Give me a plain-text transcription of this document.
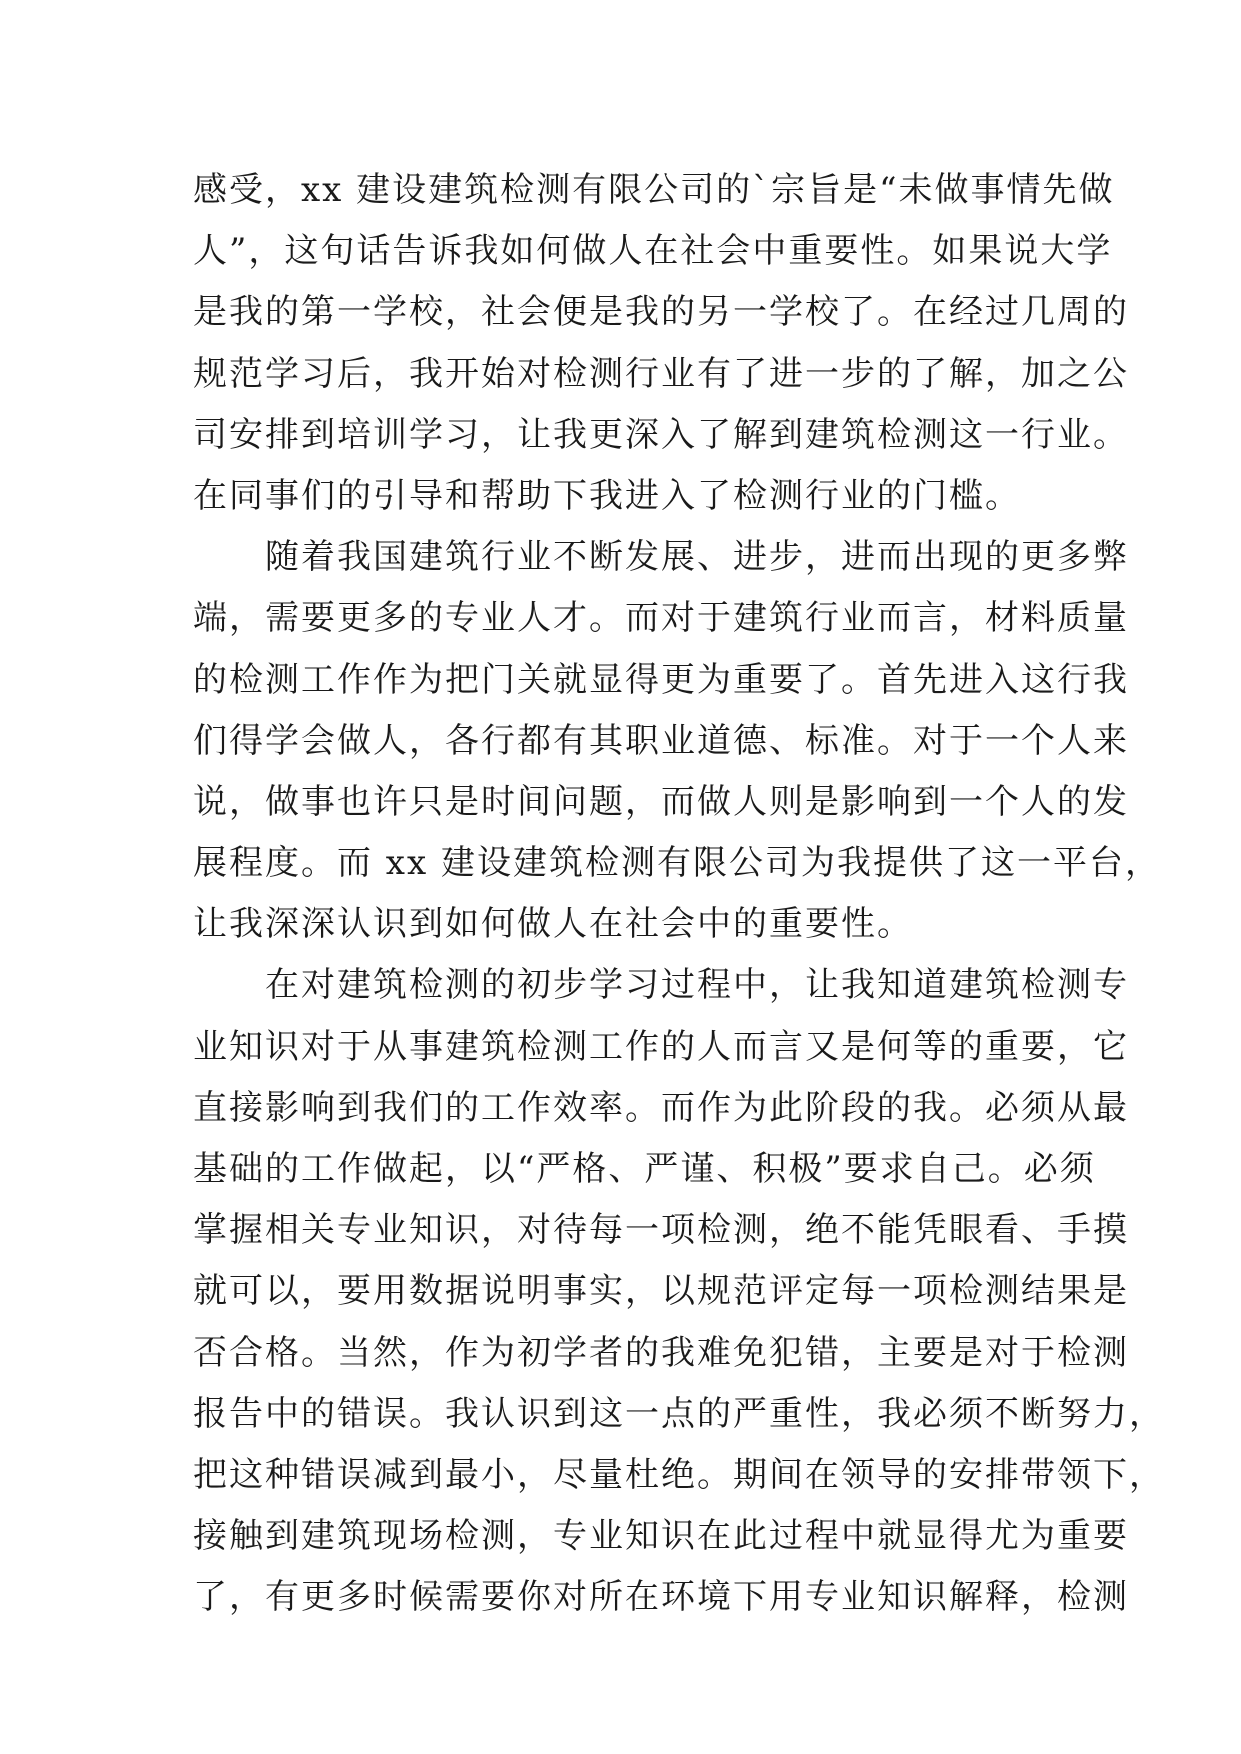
感受，xx 建设建筑检测有限公司的`宗旨是“未做事情先做
人”，这句话告诉我如何做人在社会中重要性。如果说大学
是我的第一学校，社会便是我的另一学校了。在经过几周的
规范学习后，我开始对检测行业有了进一步的了解，加之公
司安排到培训学习，让我更深入了解到建筑检测这一行业。
在同事们的引导和帮助下我进入了检测行业的门槛。
　　随着我国建筑行业不断发展、进步，进而出现的更多弊
端，需要更多的专业人才。而对于建筑行业而言，材料质量
的检测工作作为把门关就显得更为重要了。首先进入这行我
们得学会做人，各行都有其职业道德、标准。对于一个人来
说，做事也许只是时间问题，而做人则是影响到一个人的发
展程度。而 xx 建设建筑检测有限公司为我提供了这一平台，
让我深深认识到如何做人在社会中的重要性。
　　在对建筑检测的初步学习过程中，让我知道建筑检测专
业知识对于从事建筑检测工作的人而言又是何等的重要，它
直接影响到我们的工作效率。而作为此阶段的我。必须从最
基础的工作做起，以“严格、严谨、积极”要求自己。必须
掌握相关专业知识，对待每一项检测，绝不能凭眼看、手摸
就可以，要用数据说明事实，以规范评定每一项检测结果是
否合格。当然，作为初学者的我难免犯错，主要是对于检测
报告中的错误。我认识到这一点的严重性，我必须不断努力，
把这种错误减到最小，尽量杜绝。期间在领导的安排带领下，
接触到建筑现场检测，专业知识在此过程中就显得尤为重要
了，有更多时候需要你对所在环境下用专业知识解释，检测
